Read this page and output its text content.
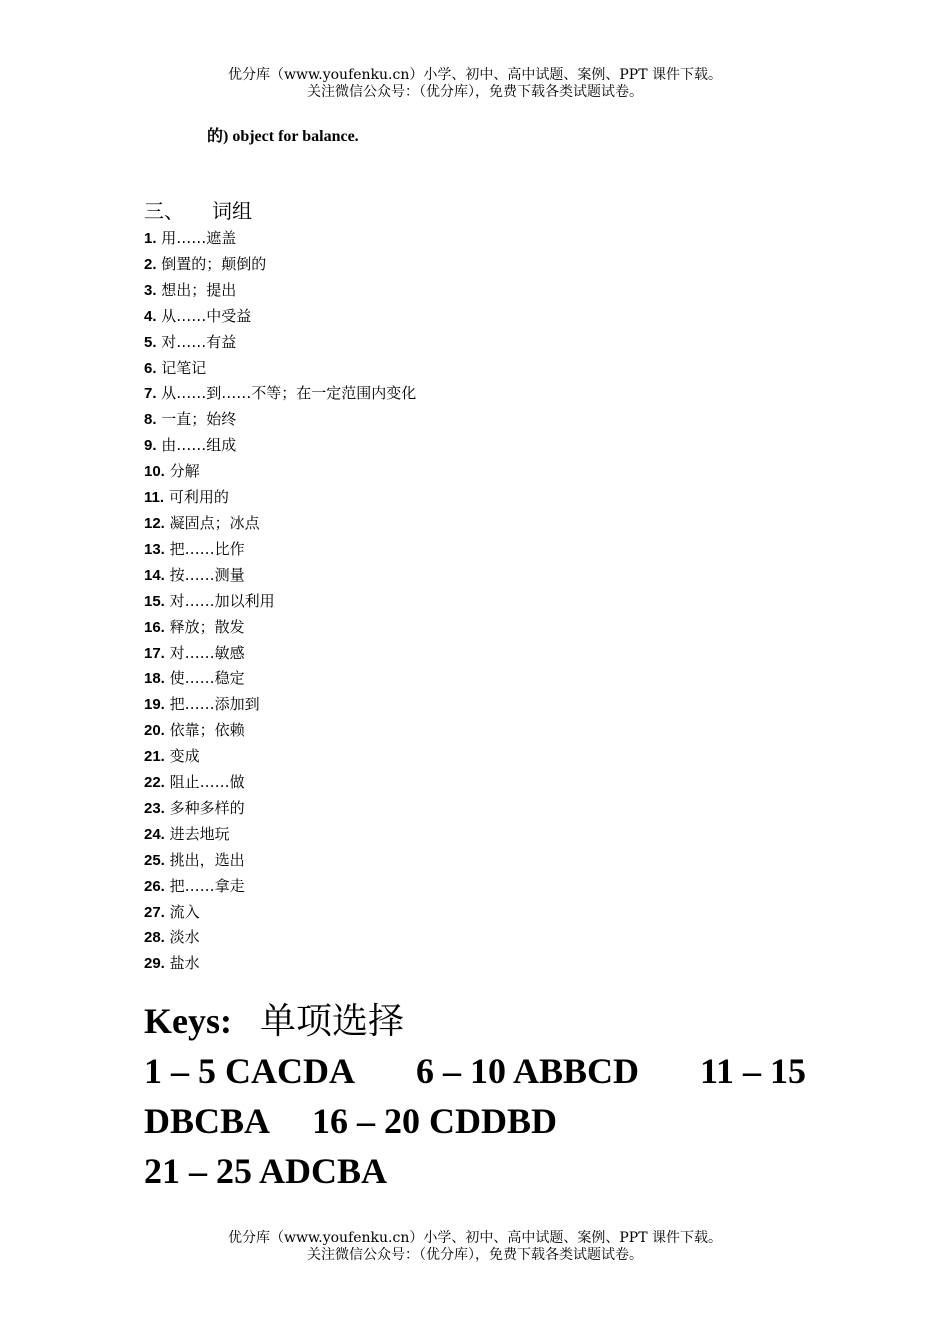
优分库（www.youfenku.cn）小学、初中、高中试题、案例、PPT 课件下载。
关注微信公众号：（优分库），免费下载各类试题试卷。
的) object for balance.
三、 词组
1. 用……遮盖
2. 倒置的；颠倒的
3. 想出；提出
4. 从……中受益
5. 对……有益
6. 记笔记
7. 从……到……不等；在一定范围内变化
8. 一直；始终
9. 由……组成
10. 分解
11. 可利用的
12. 凝固点；冰点
13. 把……比作
14. 按……测量
15. 对……加以利用
16. 释放；散发
17. 对……敏感
18. 使……稳定
19. 把……添加到
20. 依靠；依赖
21. 变成
22. 阻止……做
23. 多种多样的
24. 进去地玩
25. 挑出，选出
26. 把……拿走
27. 流入
28. 淡水
29. 盐水
Keys: 单项选择
1 – 5 CACDA 6 – 10 ABBCD 11 – 15
DBCBA 16 – 20 CDDBD
21 – 25 ADCBA
优分库（www.youfenku.cn）小学、初中、高中试题、案例、PPT 课件下载。
关注微信公众号：（优分库），免费下载各类试题试卷。
